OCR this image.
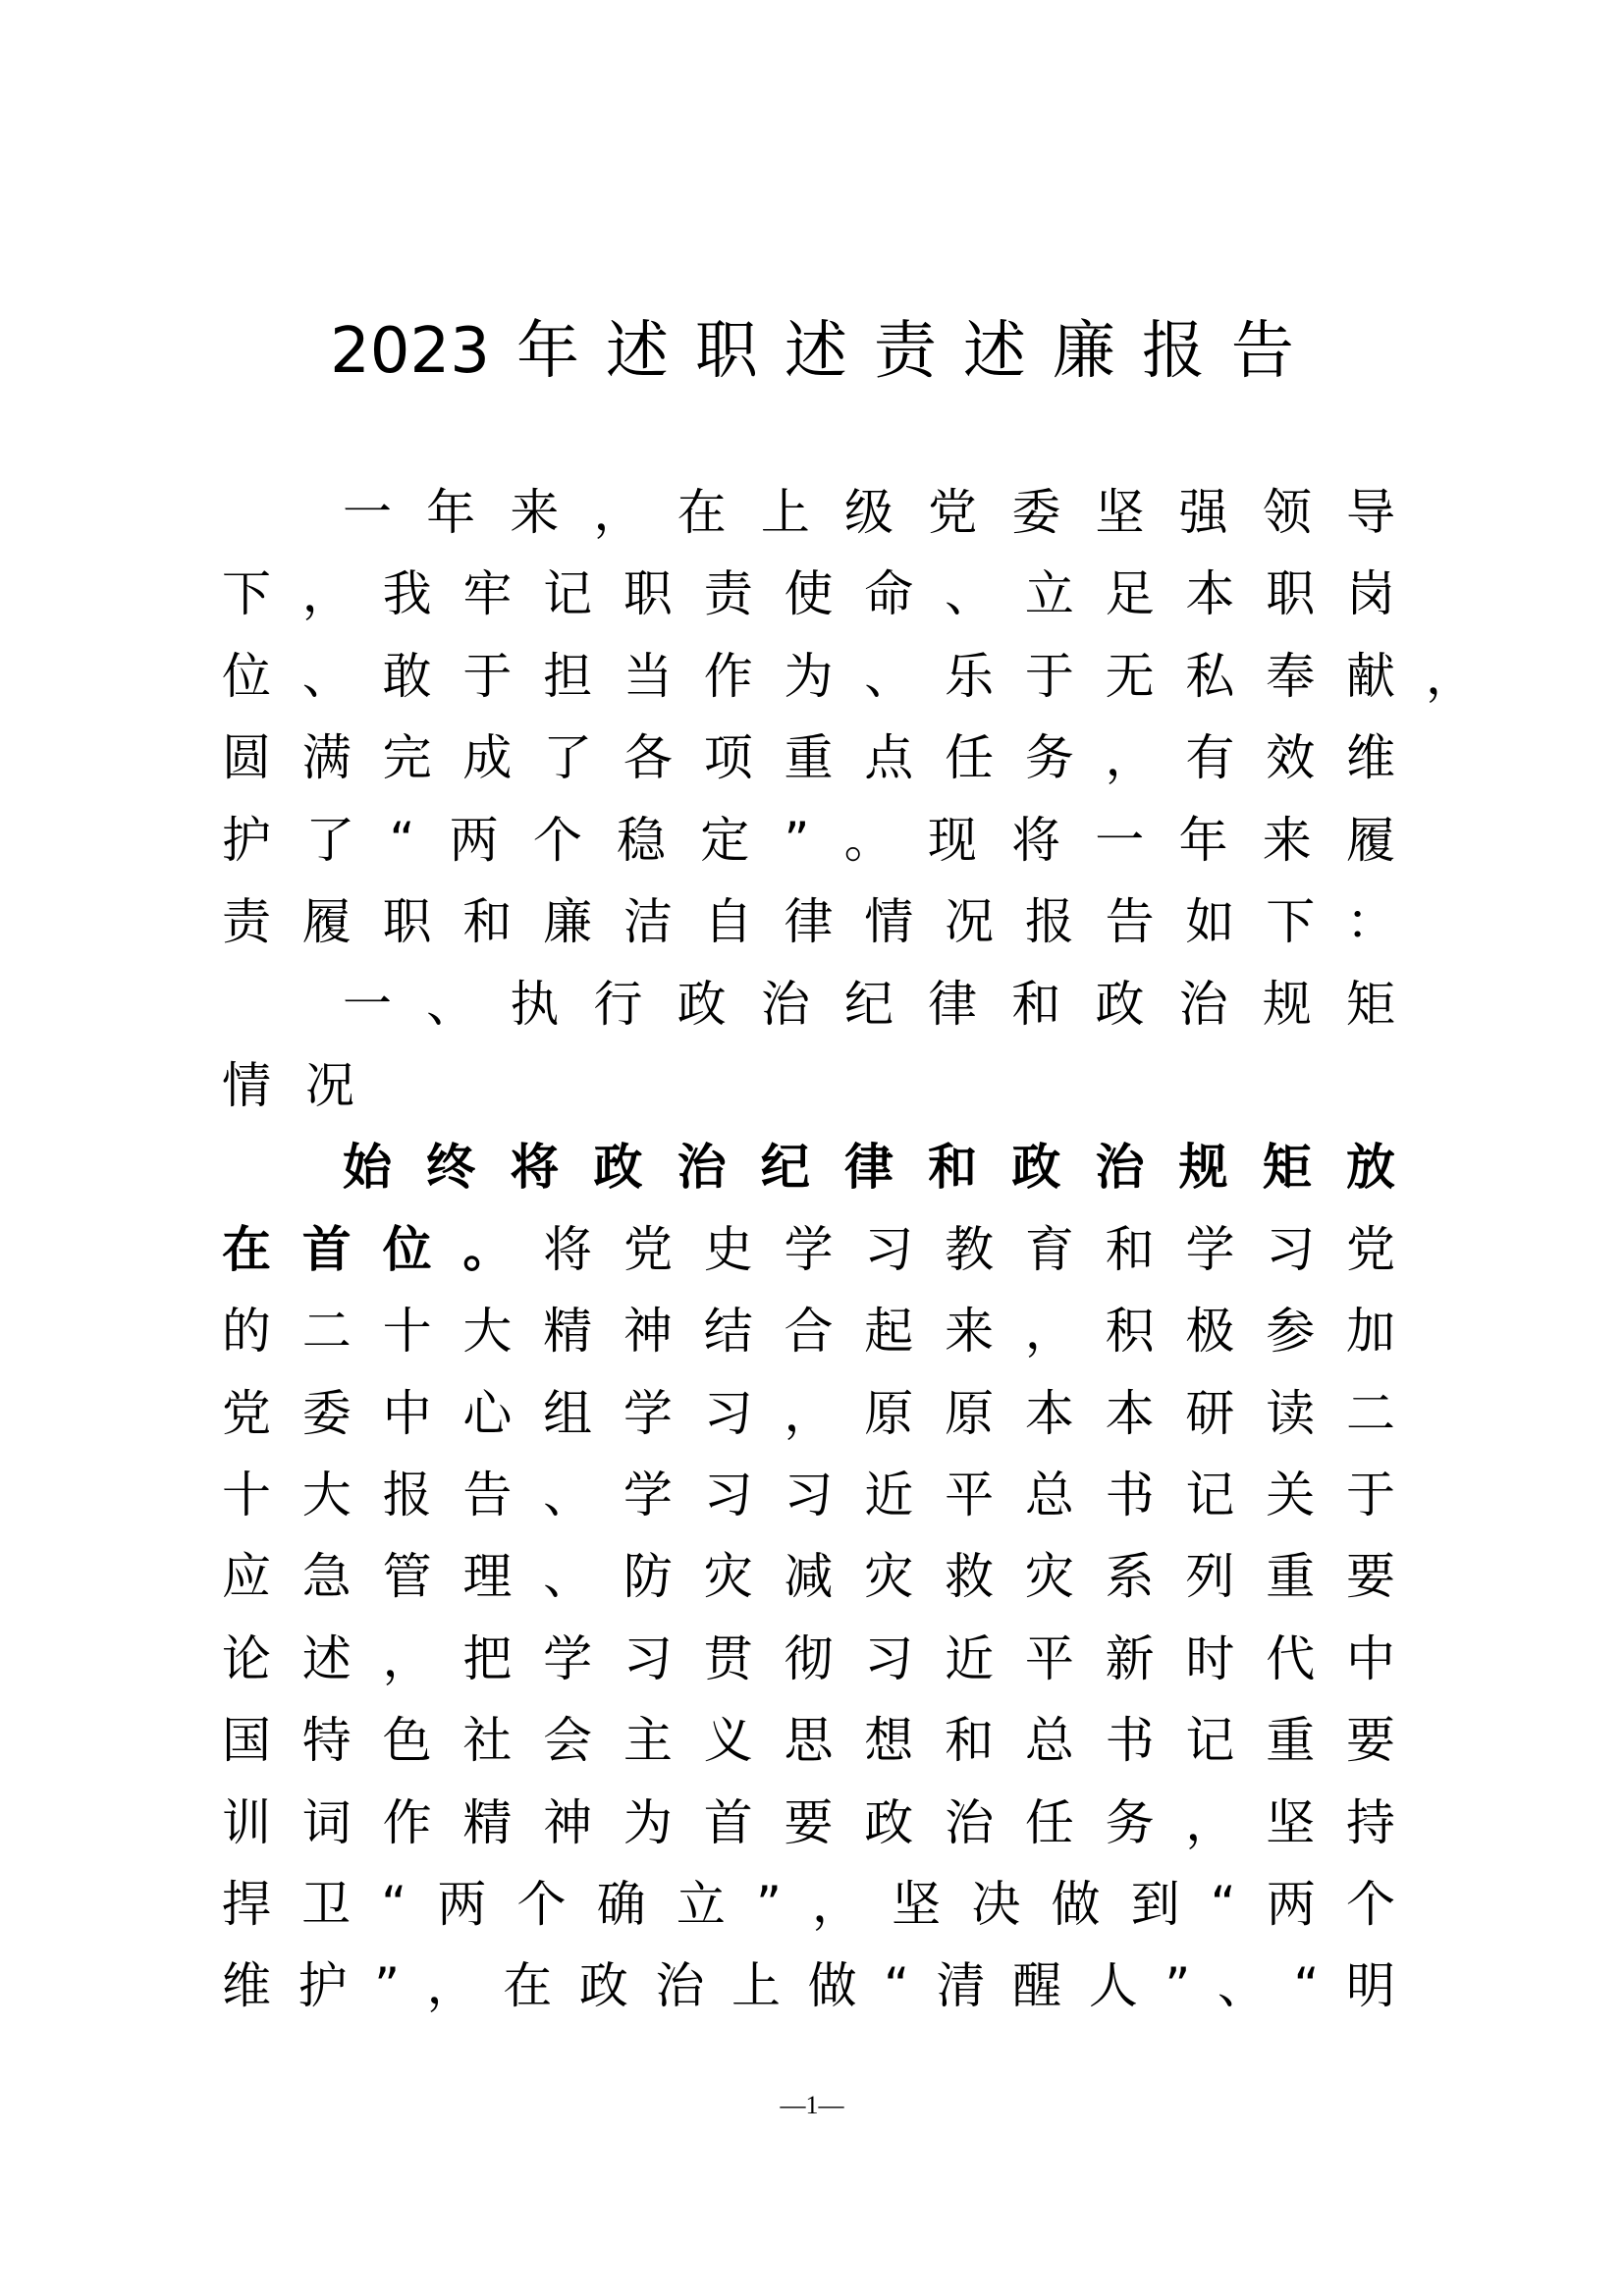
2023 年述职述责述廉报告
一年来，在上级党委坚强领导
下，我牢记职责使命、立足本职岗
位、敢于担当作为、乐于无私奉献 ，
圆满完成了各项重点任务，有效维
护了“两个稳定”。现将一年来履
责履职和廉洁自律情况报告如下：
一、执行政治纪律和政治规矩
情况
始终将政治纪律和政治规矩放
在首位。将党史学习教育和学习党
的二十大精神结合起来，积极参加
党委中心组学习，原原本本研读二
十大报告、学习习近平总书记关于
应急管理、防灾减灾救灾系列重要
论述，把学习贯彻习近平新时代中
国特色社会主义思想和总书记重要
训词作精神为首要政治任务，坚持
捍卫“两个确立”，坚决做到“两个
维护”，在政治上做“清醒人”、“明
—1—
